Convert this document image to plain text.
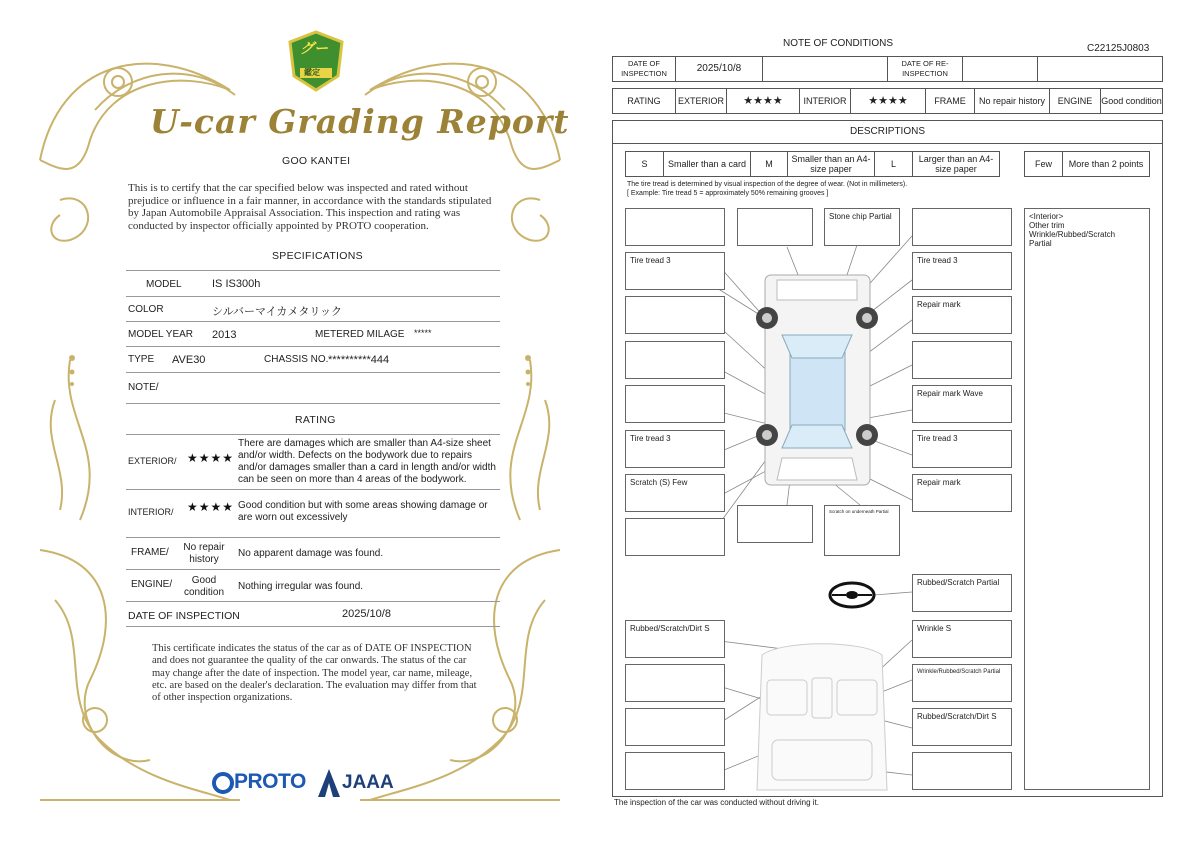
グー
鑑定
U-car Grading Report
GOO KANTEI
This is to certify that the car specified below was inspected and rated without prejudice or influence in a fair manner, in accordance with the standards stipulated by Japan Automobile Appraisal Association. This inspection and rating was conducted by inspector officially appointed by PROTO cooperation.
SPECIFICATIONS
MODEL	IS IS300h
COLOR	シルバーマイカメタリック
MODEL YEAR 2013	METERED MILAGE *****
TYPE AVE30	CHASSIS NO. **********444
NOTE/
RATING
EXTERIOR/ ★★★★
There are damages which are smaller than A4-size sheet and/or width. Defects on the bodywork due to repairs and/or damages smaller than a card in length and/or width can be seen on more than 4 areas of the bodywork.
INTERIOR/ ★★★★ Good condition but with some areas showing damage or are worn out excessively
FRAME/	No repair history
No apparent damage was found.
ENGINE/	Good condition
Nothing irregular was found.
DATE OF INSPECTION	2025/10/8
This certificate indicates the status of the car as of DATE OF INSPECTION and does not guarantee the quality of the car onwards. The status of the car may change after the date of inspection. The model year, car name, mileage, etc. are based on the dealer's declaration. The evaluation may differ from that of other inspection organizations.
PROTO JAAA
NOTE OF CONDITIONS	C22125J0803
DATE OF INSPECTION	2025/10/8	DATE OF RE-INSPECTION
RATING	EXTERIOR	★★★★	INTERIOR	★★★★	FRAME	No repair history	ENGINE Good condition
DESCRIPTIONS
S	Smaller than a card	M	Smaller than an A4-size paper	L	Larger than an A4-size paper	Few	More than 2 points
The tire tread is determined by visual inspection of the degree of wear. (Not in millimeters).
[ Example: Tire tread 5 = approximately 50% remaining grooves ]
Tire tread 3
Tire tread 3
Scratch (S) Few
Stone chip Partial
Scratch on underneath Partial
Tire tread 3
Repair mark
Repair mark Wave
Tire tread 3
Repair mark
Rubbed/Scratch Partial
Rubbed/Scratch/Dirt S	Wrinkle S
Wrinkle/Rubbed/Scratch Partial
Rubbed/Scratch/Dirt S
<Interior>
Other trim
Wrinkle/Rubbed/Scratch
Partial
The inspection of the car was conducted without driving it.
